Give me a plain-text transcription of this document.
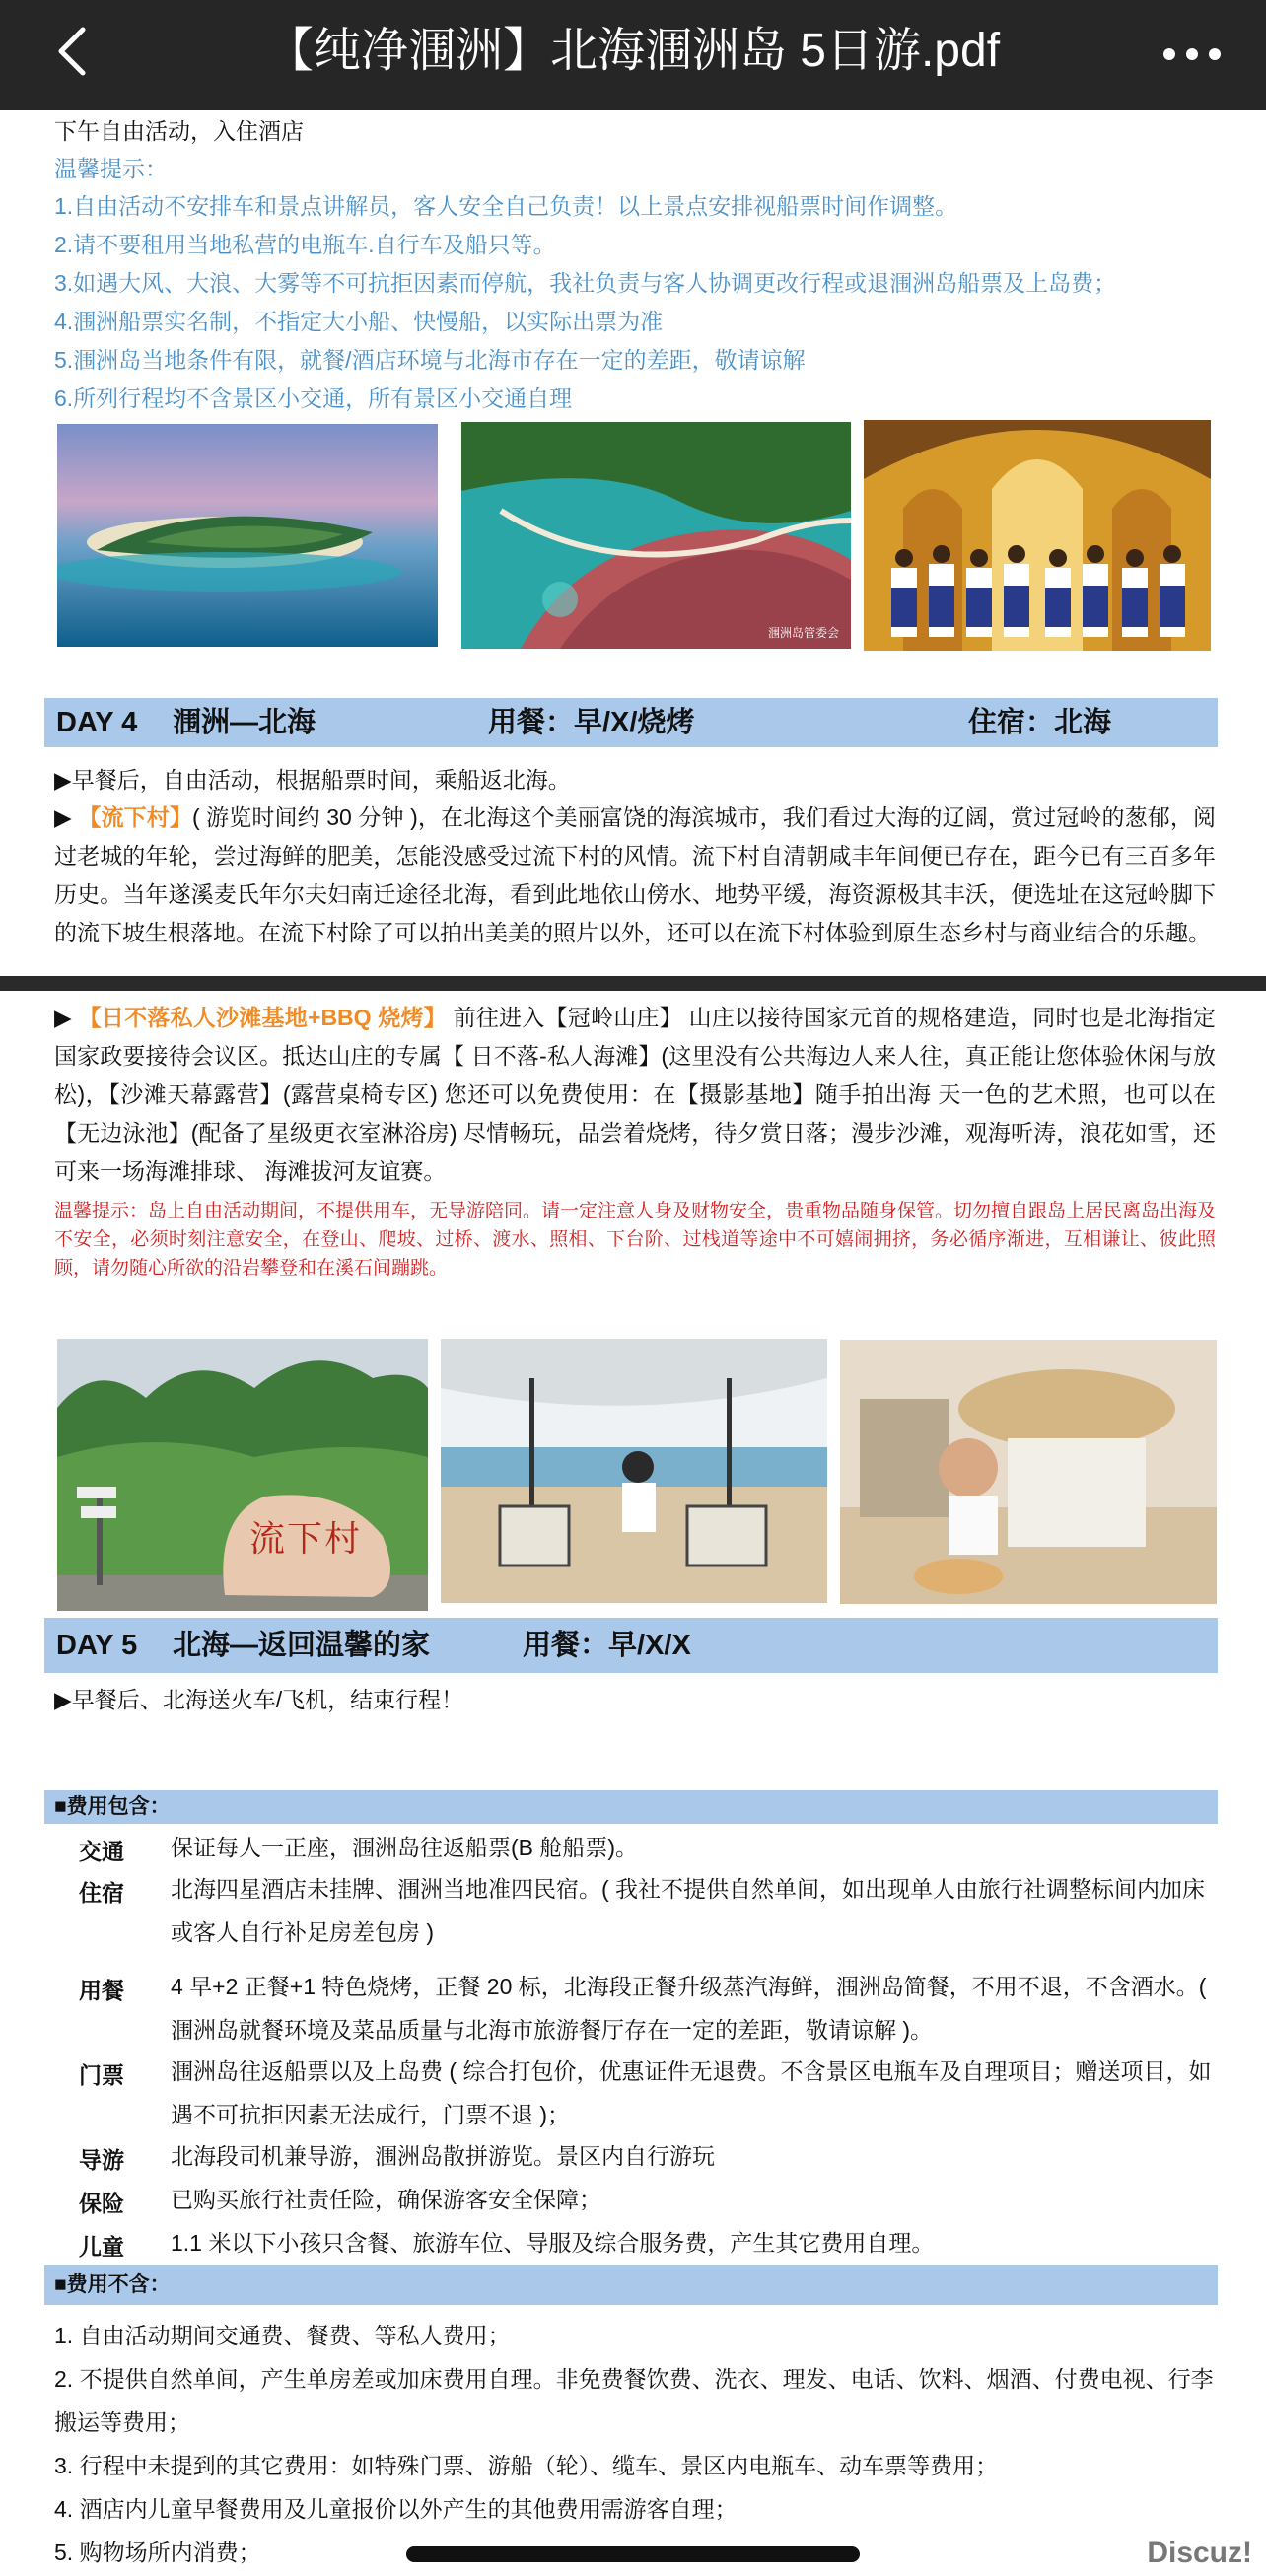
【纯净涠洲】北海涠洲岛 5日游.pdf
下午自由活动，入住酒店
温馨提示：
1.自由活动不安排车和景点讲解员，客人安全自己负责！以上景点安排视船票时间作调整。
2.请不要租用当地私营的电瓶车.自行车及船只等。
3.如遇大风、大浪、大雾等不可抗拒因素而停航，我社负责与客人协调更改行程或退涠洲岛船票及上岛费；
4.涠洲船票实名制，不指定大小船、快慢船，以实际出票为准
5.涠洲岛当地条件有限，就餐/酒店环境与北海市存在一定的差距，敬请谅解
6.所列行程均不含景区小交通，所有景区小交通自理
涠洲岛管委会
DAY 4 涠洲—北海	用餐：早/X/烧烤	住宿：北海
▶早餐后，自由活动，根据船票时间，乘船返北海。
▶ 【流下村】( 游览时间约 30 分钟 )，在北海这个美丽富饶的海滨城市，我们看过大海的辽阔，赏过冠岭的葱郁，阅过老城的年轮，尝过海鲜的肥美，怎能没感受过流下村的风情。流下村自清朝咸丰年间便已存在，距今已有三百多年历史。当年遂溪麦氏年尔夫妇南迁途径北海，看到此地依山傍水、地势平缓，海资源极其丰沃，便选址在这冠岭脚下的流下坡生根落地。在流下村除了可以拍出美美的照片以外，还可以在流下村体验到原生态乡村与商业结合的乐趣。
▶ 【日不落私人沙滩基地+BBQ 烧烤】 前往进入【冠岭山庄】 山庄以接待国家元首的规格建造，同时也是北海指定国家政要接待会议区。抵达山庄的专属【 日不落-私人海滩】(这里没有公共海边人来人往，真正能让您体验休闲与放 松)，【沙滩天幕露营】(露营桌椅专区) 您还可以免费使用：在【摄影基地】随手拍出海 天一色的艺术照，也可以在【无边泳池】(配备了星级更衣室淋浴房) 尽情畅玩，品尝着烧烤，待夕赏日落；漫步沙滩，观海听涛，浪花如雪，还可来一场海滩排球、 海滩拔河友谊赛。
温馨提示：岛上自由活动期间，不提供用车，无导游陪同。请一定注意人身及财物安全，贵重物品随身保管。切勿擅自跟岛上居民离岛出海及不安全，必须时刻注意安全，在登山、爬坡、过桥、渡水、照相、下台阶、过栈道等途中不可嬉闹拥挤，务必循序渐进，互相谦让、彼此照顾，请勿随心所欲的沿岩攀登和在溪石间蹦跳。
流下村
DAY 5 北海—返回温馨的家	用餐：早/X/X
▶早餐后、北海送火车/飞机，结束行程！
■费用包含：
交通 保证每人一正座，涠洲岛往返船票(B 舱船票)。
住宿 北海四星酒店未挂牌、涠洲当地准四民宿。( 我社不提供自然单间，如出现单人由旅行社调整标间内加床或客人自行补足房差包房 )
用餐 4 早+2 正餐+1 特色烧烤，正餐 20 标，北海段正餐升级蒸汽海鲜，涠洲岛简餐，不用不退，不含酒水。( 涠洲岛就餐环境及菜品质量与北海市旅游餐厅存在一定的差距，敬请谅解 )。
门票 涠洲岛往返船票以及上岛费 ( 综合打包价，优惠证件无退费。不含景区电瓶车及自理项目；赠送项目，如遇不可抗拒因素无法成行，门票不退 )；
导游 北海段司机兼导游，涠洲岛散拼游览。景区内自行游玩
保险 已购买旅行社责任险，确保游客安全保障；
儿童 1.1 米以下小孩只含餐、旅游车位、导服及综合服务费，产生其它费用自理。
■费用不含：
1. 自由活动期间交通费、餐费、等私人费用；
2. 不提供自然单间，产生单房差或加床费用自理。非免费餐饮费、洗衣、理发、电话、饮料、烟酒、付费电视、行李
搬运等费用；
3. 行程中未提到的其它费用：如特殊门票、游船（轮）、缆车、景区内电瓶车、动车票等费用；
4. 酒店内儿童早餐费用及儿童报价以外产生的其他费用需游客自理；
5. 购物场所内消费；	Discuz!
